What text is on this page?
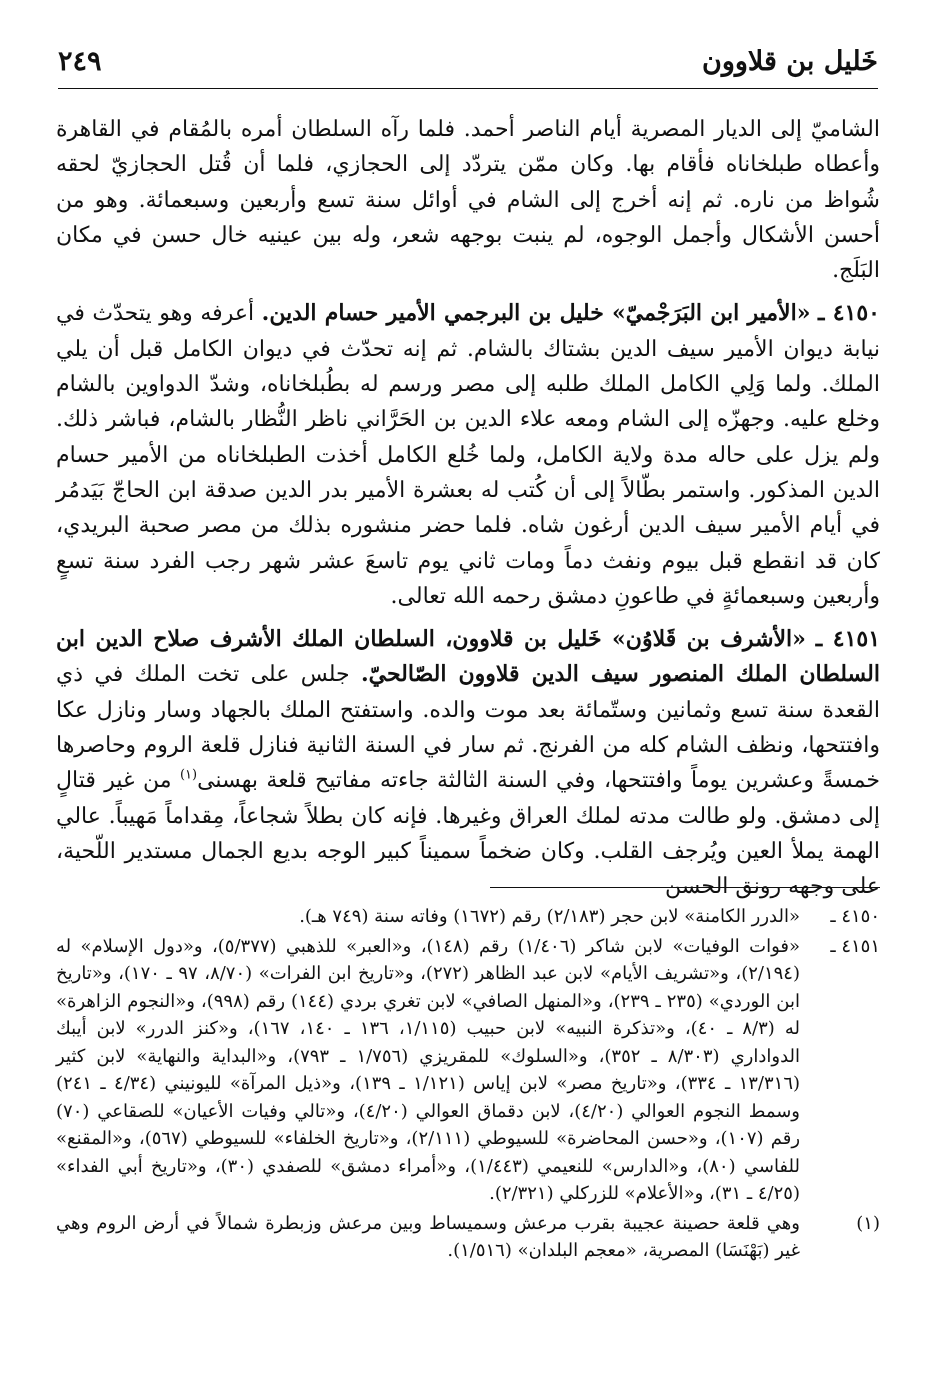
خَليل بن قلاوون
٢٤٩

الشاميّ إلى الديار المصرية أيام الناصر أحمد. فلما رآه السلطان أمره بالمُقام في القاهرة وأعطاه طبلخاناه فأقام بها. وكان ممّن يتردّد إلى الحجازي، فلما أن قُتل الحجازيّ لحقه شُواظ من ناره. ثم إنه أخرج إلى الشام في أوائل سنة تسع وأربعين وسبعمائة. وهو من أحسن الأشكال وأجمل الوجوه، لم ينبت بوجهه شعر، وله بين عينيه خال حسن في مكان البَلَج.

٤١٥٠ ـ «الأمير ابن البَرَجْميّ» خليل بن البرجمي الأمير حسام الدين. أعرفه وهو يتحدّث في نيابة ديوان الأمير سيف الدين بشتاك بالشام. ثم إنه تحدّث في ديوان الكامل قبل أن يلي الملك. ولما وَلِي الكامل الملك طلبه إلى مصر ورسم له بطُبلخاناه، وشدّ الدواوين بالشام وخلع عليه. وجهزّه إلى الشام ومعه علاء الدين بن الحَرَّاني ناظر النُّظار بالشام، فباشر ذلك. ولم يزل على حاله مدة ولاية الكامل، ولما خُلع الكامل أخذت الطبلخاناه من الأمير حسام الدين المذكور. واستمر بطّالاً إلى أن كُتب له بعشرة الأمير بدر الدين صدقة ابن الحاجّ بَيَدمُر في أيام الأمير سيف الدين أرغون شاه. فلما حضر منشوره بذلك من مصر صحبة البريدي، كان قد انقطع قبل بيوم ونفث دماً ومات ثاني يوم تاسعَ عشر شهر رجب الفرد سنة تسعٍ وأربعين وسبعمائةٍ في طاعونِ دمشق رحمه الله تعالى.

٤١٥١ ـ «الأشرف بن قَلاوُن» خَليل بن قلاوون، السلطان الملك الأشرف صلاح الدين ابن السلطان الملك المنصور سيف الدين قلاوون الصّالحيّ. جلس على تخت الملك في ذي القعدة سنة تسع وثمانين وستّمائة بعد موت والده. واستفتح الملك بالجهاد وسار ونازل عكا وافتتحها، ونظف الشام كله من الفرنج. ثم سار في السنة الثانية فنازل قلعة الروم وحاصرها خمسةً وعشرين يوماً وافتتحها، وفي السنة الثالثة جاءته مفاتيح قلعة بهسنى$^{(١)}$ من غير قتالٍ إلى دمشق. ولو طالت مدته لملك العراق وغيرها. فإنه كان بطلاً شجاعاً، مِقداماً مَهيباً. عالي الهمة يملأ العين ويُرجف القلب. وكان ضخماً سميناً كبير الوجه بديع الجمال مستدير اللّحية، على وجهه رونق الحسن

٤١٥٠ ـ
«الدرر الكامنة» لابن حجر (٢/١٨٣) رقم (١٦٧٢) وفاته سنة (٧٤٩ هـ).
٤١٥١ ـ
«فوات الوفيات» لابن شاكر (١/٤٠٦) رقم (١٤٨)، و«العبر» للذهبي (٥/٣٧٧)، و«دول الإسلام» له (٢/١٩٤)، و«تشريف الأيام» لابن عبد الظاهر (٢٧٢)، و«تاريخ ابن الفرات» (٨/٧٠، ٩٧ ـ ١٧٠)، و«تاريخ ابن الوردي» (٢٣٥ ـ ٢٣٩)، و«المنهل الصافي» لابن تغري بردي (١٤٤) رقم (٩٩٨)، و«النجوم الزاهرة» له (٨/٣ ـ ٤٠)، و«تذكرة النبيه» لابن حبيب (١/١١٥، ١٣٦ ـ ١٤٠، ١٦٧)، و«كنز الدرر» لابن أيبك الدواداري (٨/٣٠٣ ـ ٣٥٢)، و«السلوك» للمقريزي (١/٧٥٦ ـ ٧٩٣)، و«البداية والنهاية» لابن كثير (١٣/٣١٦ ـ ٣٣٤)، و«تاريخ مصر» لابن إياس (١/١٢١ ـ ١٣٩)، و«ذيل المرآة» لليونيني (٤/٣٤ ـ ٢٤١) وسمط النجوم العوالي (٤/٢٠)، لابن دقماق العوالي (٤/٢٠)، و«تالي وفيات الأعيان» للصقاعي (٧٠) رقم (١٠٧)، و«حسن المحاضرة» للسيوطي (٢/١١١)، و«تاريخ الخلفاء» للسيوطي (٥٦٧)، و«المقنع» للفاسي (٨٠)، و«الدارس» للنعيمي (١/٤٤٣)، و«أمراء دمشق» للصفدي (٣٠)، و«تاريخ أبي الفداء» (٤/٢٥ ـ ٣١)، و«الأعلام» للزركلي (٢/٣٢١).
(١)
وهي قلعة حصينة عجيبة بقرب مرعش وسميساط وبين مرعش وزبطرة شمالاً في أرض الروم وهي غير (بَهْنَسَا) المصرية، «معجم البلدان» (١/٥١٦).
